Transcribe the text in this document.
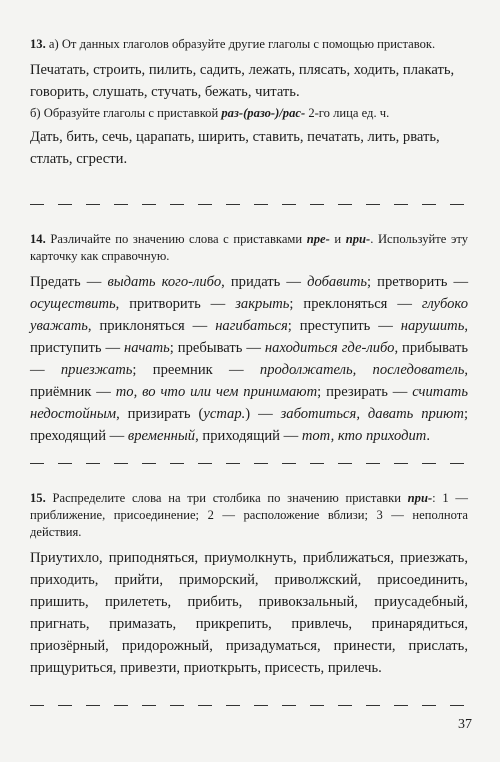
13. а) От данных глаголов образуйте другие глаголы с помощью приставок.

Печатать, строить, пилить, садить, лежать, плясать, ходить, плакать, говорить, слушать, стучать, бежать, читать.

б) Образуйте глаголы с приставкой раз-(разо-)/рас- 2-го лица ед. ч.

Дать, бить, сечь, царапать, ширить, ставить, печатать, лить, рвать, стлать, сгрести.

14. Различайте по значению слова с приставками пре- и при-. Используйте эту карточку как справочную.
Предать — выдать кого-либо, придать — добавить; претворить — осуществить, притворить — закрыть; преклоняться — глубоко уважать, приклоняться — нагибаться; преступить — нарушить, приступить — начать; пребывать — находиться где-либо, прибывать — приезжать; преемник — продолжатель, последователь, приёмник — то, во что или чем принимают; презирать — считать недостойным, призирать (устар.) — заботиться, давать приют; преходящий — временный, приходящий — тот, кто приходит.
15. Распределите слова на три столбика по значению приставки при-: 1 — приближение, присоединение; 2 — расположение вблизи; 3 — неполнота действия.

Приутихло, приподняться, приумолкнуть, приближаться, приезжать, приходить, прийти, приморский, приволжский, присоединить, пришить, прилететь, прибить, привокзальный, приусадебный, пригнать, примазать, прикрепить, привлечь, принарядиться, приозёрный, придорожный, призадуматься, принести, прислать, прищуриться, привезти, приоткрыть, присесть, прилечь.

37
